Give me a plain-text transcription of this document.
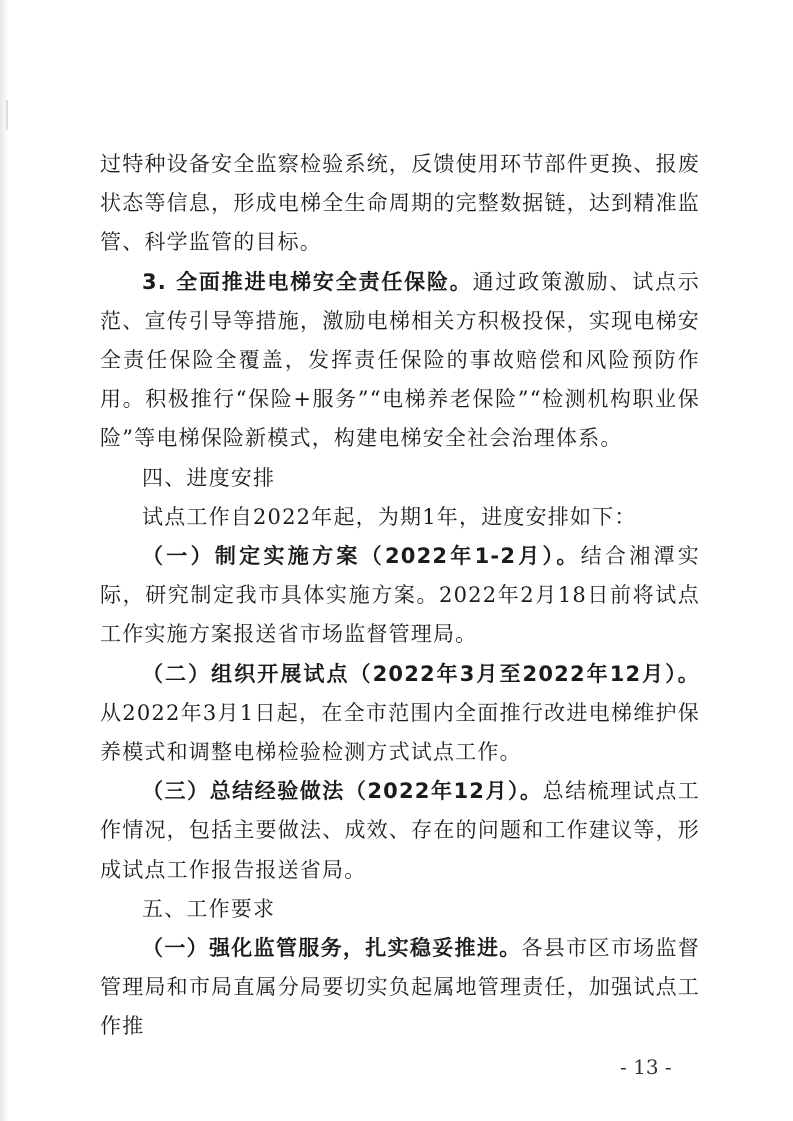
过特种设备安全监察检验系统，反馈使用环节部件更换、报废状态等信息，形成电梯全生命周期的完整数据链，达到精准监管、科学监管的目标。

3. 全面推进电梯安全责任保险。通过政策激励、试点示范、宣传引导等措施，激励电梯相关方积极投保，实现电梯安全责任保险全覆盖，发挥责任保险的事故赔偿和风险预防作用。积极推行“保险+服务”“电梯养老保险”“检测机构职业保险”等电梯保险新模式，构建电梯安全社会治理体系。

四、进度安排

试点工作自2022年起，为期1年，进度安排如下：

（一）制定实施方案（2022年1-2月）。结合湘潭实际，研究制定我市具体实施方案。2022年2月18日前将试点工作实施方案报送省市场监督管理局。

（二）组织开展试点（2022年3月至2022年12月）。从2022年3月1日起，在全市范围内全面推行改进电梯维护保养模式和调整电梯检验检测方式试点工作。

（三）总结经验做法（2022年12月）。总结梳理试点工作情况，包括主要做法、成效、存在的问题和工作建议等，形成试点工作报告报送省局。

五、工作要求

（一）强化监管服务，扎实稳妥推进。各县市区市场监督管理局和市局直属分局要切实负起属地管理责任，加强试点工作推

- 13 -
